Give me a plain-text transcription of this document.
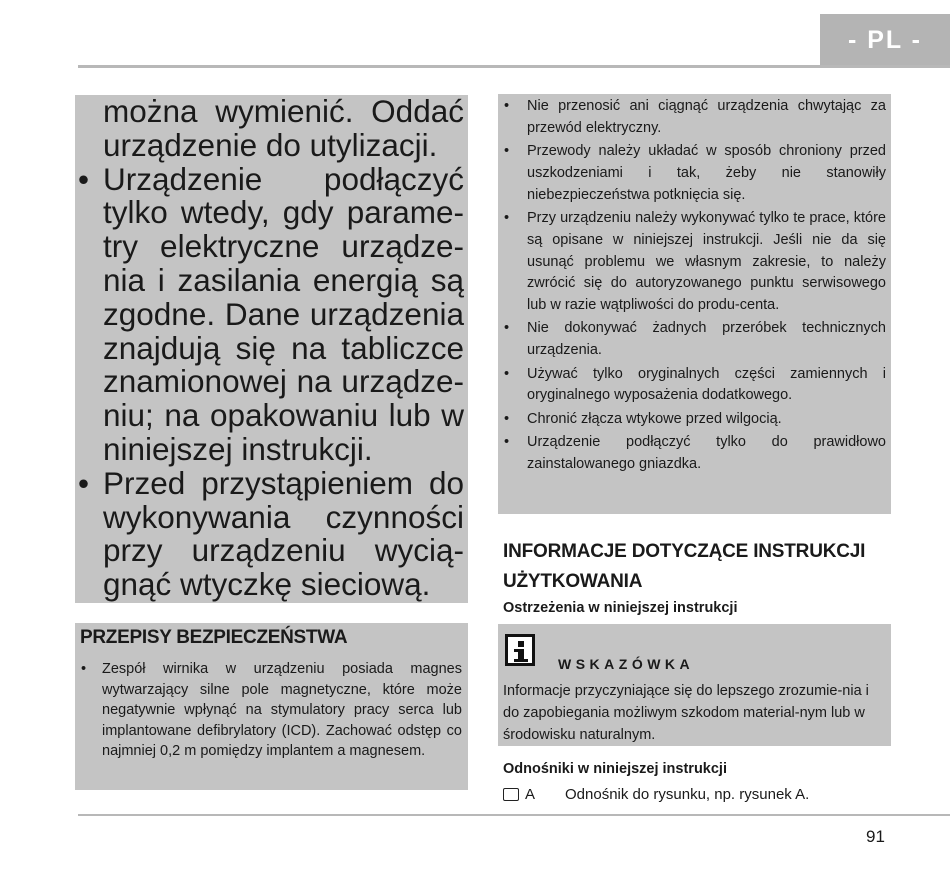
- PL -
można wymienić. Oddać
urządzenie do utylizacji.
• Urządzenie podłączyć
tylko wtedy, gdy parame-
try elektryczne urządze-
nia i zasilania energią są
zgodne. Dane urządzenia
znajdują się na tabliczce
znamionowej na urządze-
niu; na opakowaniu lub w
niniejszej instrukcji.
• Przed przystąpieniem do
wykonywania czynności
przy urządzeniu wycią-
gnąć wtyczkę sieciową.
PRZEPISY BEZPIECZEŃSTWA
• Zespół wirnika w urządzeniu posiada magnes wytwarzający silne pole magnetyczne, które może negatywnie wpłynąć na stymulatory pracy serca lub implantowane defibrylatory (ICD). Zachować odstęp co najmniej 0,2 m pomiędzy implantem a magnesem.
• Nie przenosić ani ciągnąć urządzenia chwytając za przewód elektryczny.
• Przewody należy układać w sposób chroniony przed uszkodzeniami i tak, żeby nie stanowiły niebezpieczeństwa potknięcia się.
• Przy urządzeniu należy wykonywać tylko te prace, które są opisane w niniejszej instrukcji. Jeśli nie da się usunąć problemu we własnym zakresie, to należy zwrócić się do autoryzowanego punktu serwisowego lub w razie wątpliwości do produ-centa.
• Nie dokonywać żadnych przeróbek technicznych urządzenia.
• Używać tylko oryginalnych części zamiennych i oryginalnego wyposażenia dodatkowego.
• Chronić złącza wtykowe przed wilgocią.
• Urządzenie podłączyć tylko do prawidłowo zainstalowanego gniazdka.
INFORMACJE DOTYCZĄCE INSTRUKCJI UŻYTKOWANIA
Ostrzeżenia w niniejszej instrukcji
WSKAZÓWKA
Informacje przyczyniające się do lepszego zrozumie-nia i do zapobiegania możliwym szkodom material-nym lub w środowisku naturalnym.
Odnośniki w niniejszej instrukcji
A	Odnośnik do rysunku, np. rysunek A.
91
